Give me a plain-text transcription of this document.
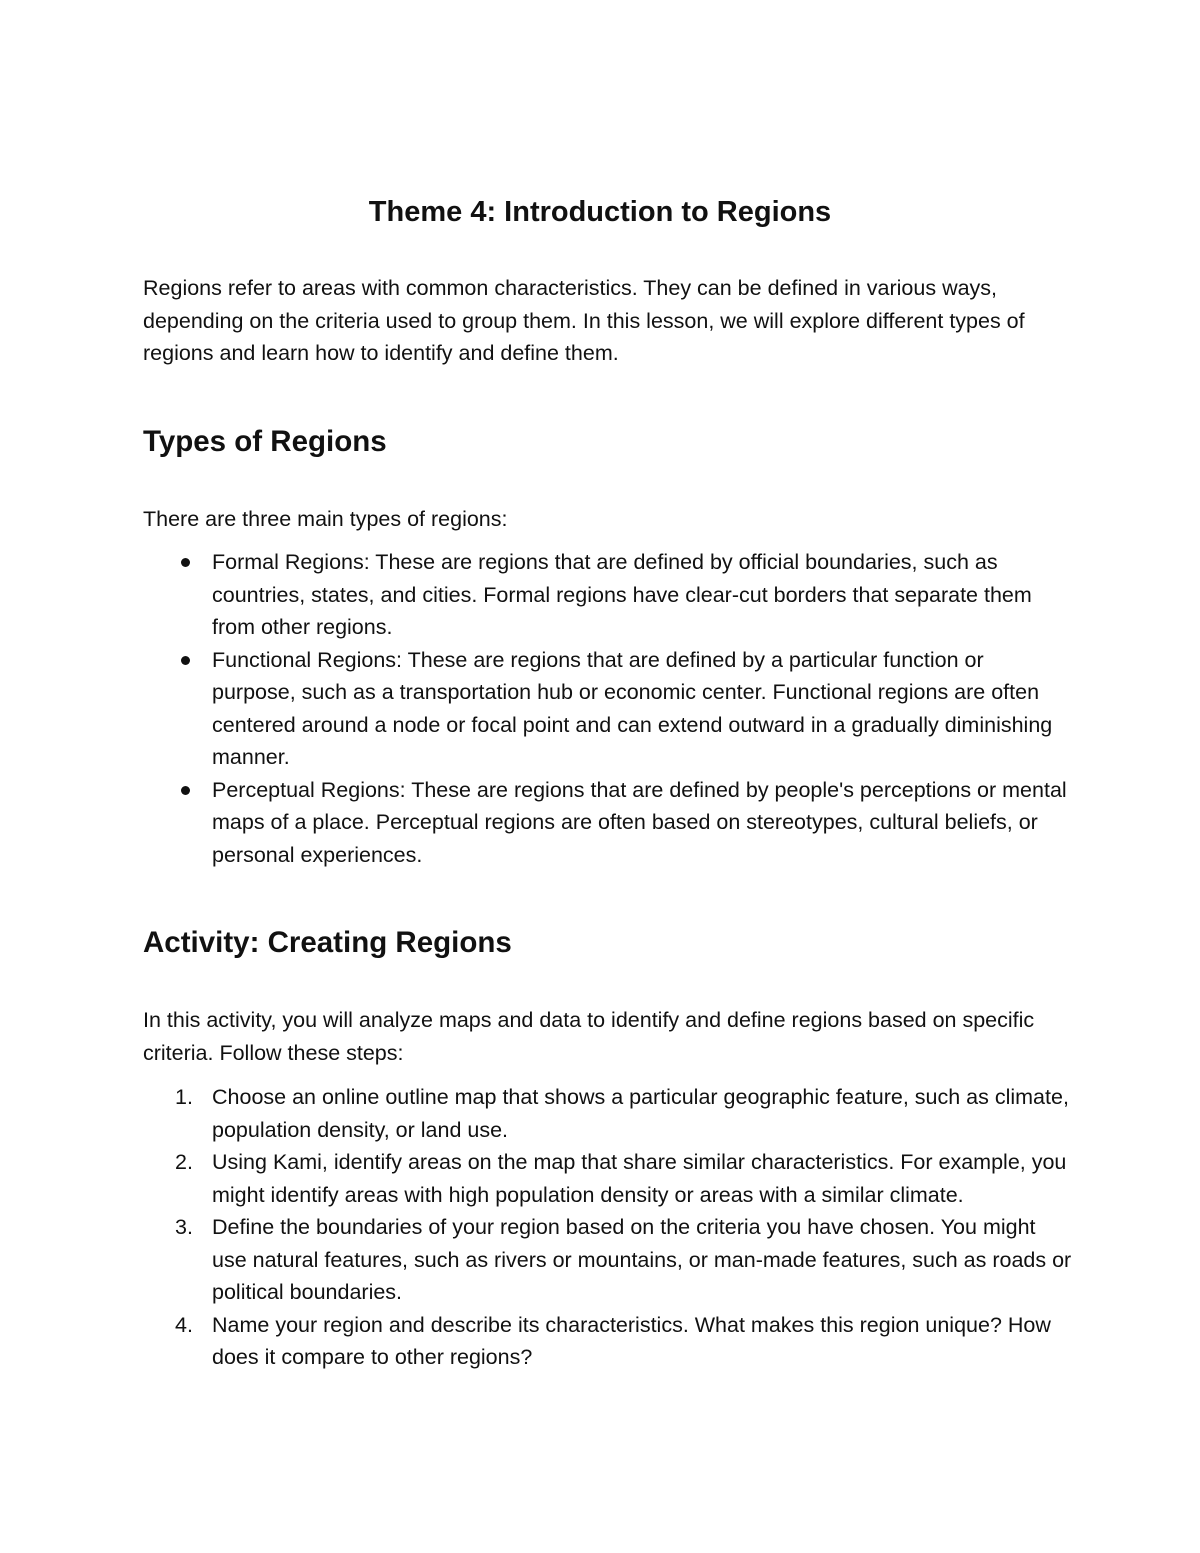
Theme 4: Introduction to Regions

Regions refer to areas with common characteristics. They can be defined in various ways, depending on the criteria used to group them. In this lesson, we will explore different types of regions and learn how to identify and define them.

Types of Regions

There are three main types of regions:

Formal Regions: These are regions that are defined by official boundaries, such as countries, states, and cities. Formal regions have clear-cut borders that separate them from other regions.
Functional Regions: These are regions that are defined by a particular function or purpose, such as a transportation hub or economic center. Functional regions are often centered around a node or focal point and can extend outward in a gradually diminishing manner.
Perceptual Regions: These are regions that are defined by people's perceptions or mental maps of a place. Perceptual regions are often based on stereotypes, cultural beliefs, or personal experiences.
Activity: Creating Regions

In this activity, you will analyze maps and data to identify and define regions based on specific criteria. Follow these steps:

1. Choose an online outline map that shows a particular geographic feature, such as climate, population density, or land use.
2. Using Kami, identify areas on the map that share similar characteristics. For example, you might identify areas with high population density or areas with a similar climate.
3. Define the boundaries of your region based on the criteria you have chosen. You might use natural features, such as rivers or mountains, or man-made features, such as roads or political boundaries.
4. Name your region and describe its characteristics. What makes this region unique? How does it compare to other regions?
